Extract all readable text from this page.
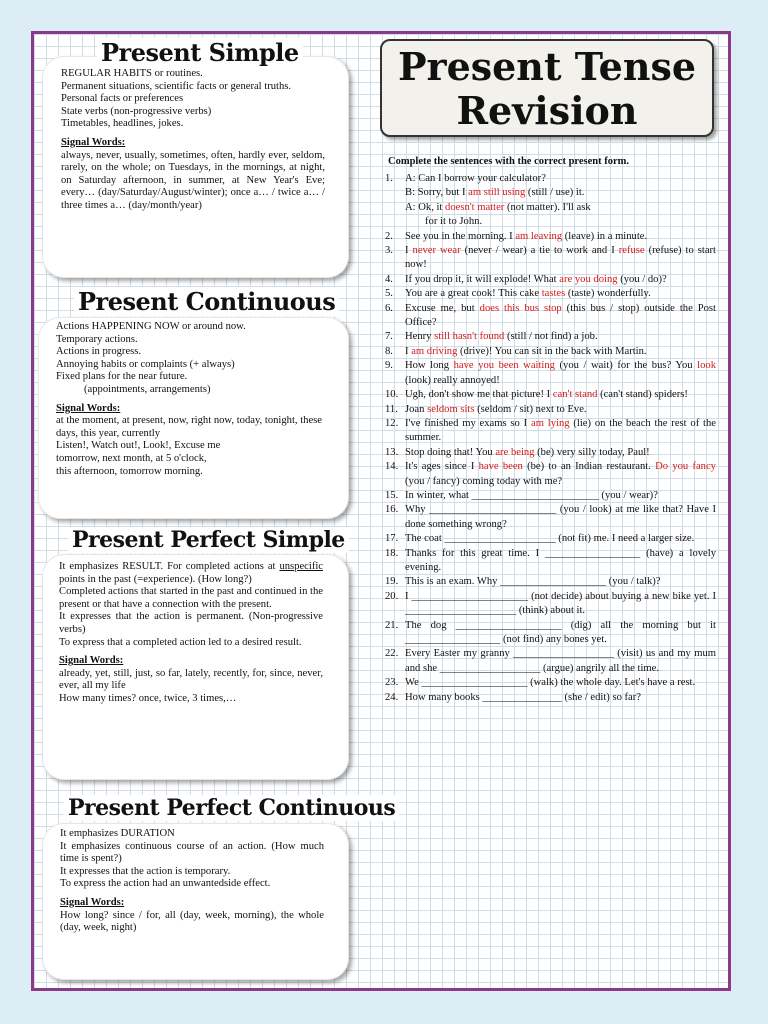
Present Simple

REGULAR HABITS or routines.

Permanent situations, scientific facts or general truths.

Personal facts or preferences

State verbs (non-progressive verbs)

Timetables, headlines, jokes.

Signal Words:

always, never, usually, sometimes, often, hardly ever, seldom, rarely, on the whole; on Tuesdays, in the mornings, at night, on Saturday afternoon, in summer, at New Year's Eve; every… (day/Saturday/August/winter); once a… / twice a… / three times a… (day/month/year)

Present Continuous

Actions HAPPENING NOW or around now.

Temporary actions.

Actions in progress.

Annoying habits or complaints (+ always)

Fixed plans for the near future.

(appointments, arrangements)

Signal Words:

at the moment, at present, now, right now, today, tonight, these days, this year, currently

Listen!, Watch out!, Look!, Excuse me

tomorrow, next month, at 5 o'clock,

this afternoon, tomorrow morning.

Present Perfect Simple

It emphasizes RESULT. For completed actions at unspecific points in the past (=experience). (How long?)

Completed actions that started in the past and continued in the present or that have a connection with the present.

It expresses that the action is permanent. (Non-progressive verbs)

To express that a completed action led to a desired result.

Signal Words:

already, yet, still, just, so far, lately, recently, for, since, never, ever, all my life

How many times? once, twice, 3 times,…

Present Perfect Continuous

It emphasizes DURATION

It emphasizes continuous course of an action. (How much time is spent?)

It expresses that the action is temporary.

To express the action had an unwantedside effect.

Signal Words:

How long? since / for, all (day, week, morning), the whole (day, week, night)

Present Tense
Revision
Complete the sentences with the correct present form.
1.	A: Can I borrow your calculator?
B: Sorry, but I am still using (still / use) it.
A: Ok, it doesn't matter (not matter). I'll ask
for it to John.
2.	See you in the morning. I am leaving (leave) in a minute.
3.	I never wear (never / wear) a tie to work and I refuse (refuse) to start now!
4.	If you drop it, it will explode! What are you doing (you / do)?
5.	You are a great cook! This cake tastes (taste) wonderfully.
6.	Excuse me, but does this bus stop (this bus / stop) outside the Post Office?
7.	Henry still hasn't found (still / not find) a job.
8.	I am driving (drive)! You can sit in the back with Martin.
9.	How long have you been waiting (you / wait) for the bus? You look (look) really annoyed!
10. Ugh, don't show me that picture! I can't stand (can't stand) spiders!
11. Joan seldom sits (seldom / sit) next to Eve.
12. I've finished my exams so I am lying (lie) on the beach the rest of the summer.
13. Stop doing that! You are being (be) very silly today, Paul!
14. It's ages since I have been (be) to an Indian restaurant. Do you fancy (you / fancy) coming today with me?
15. In winter, what ________________________ (you / wear)?
16. Why ________________________ (you / look) at me like that? Have I done something wrong?
17. The coat _____________________ (not fit) me. I need a larger size.
18. Thanks for this great time. I __________________ (have) a lovely evening.
19. This is an exam. Why ____________________ (you / talk)?
20. I ______________________ (not decide) about buying a new bike yet. I _____________________ (think) about it.
21. The dog ____________________ (dig) all the morning but it __________________ (not find) any bones yet.
22. Every Easter my granny ___________________ (visit) us and my mum and she ___________________ (argue) angrily all the time.
23. We ____________________ (walk) the whole day. Let's have a rest.
24. How many books _______________ (she / edit) so far?
